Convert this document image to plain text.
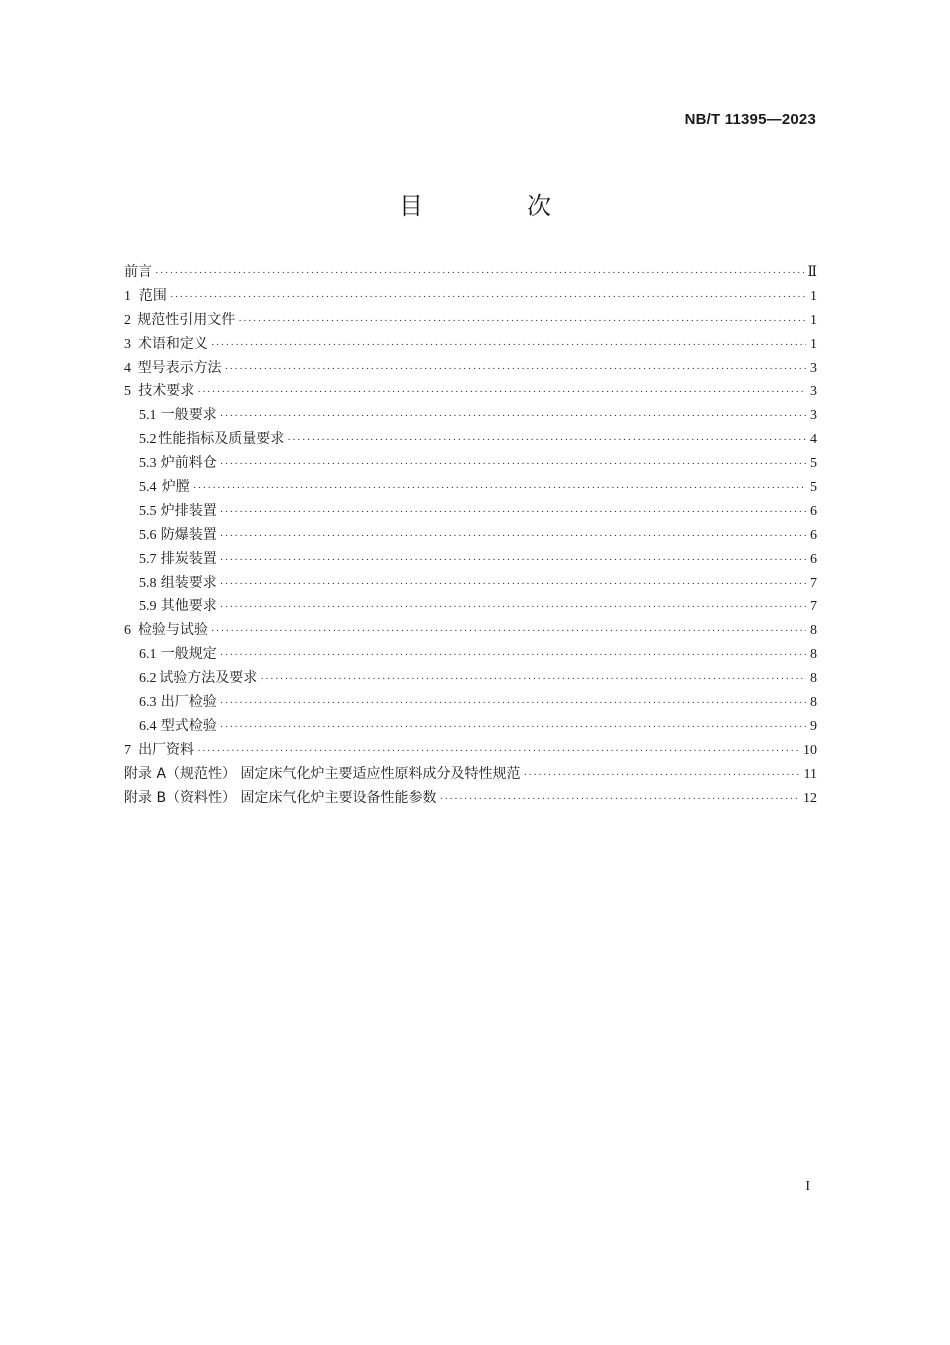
NB/T 11395—2023
目　次
前言 ·····	Ⅱ
1 范围 ·····	1
2 规范性引用文件 ·····	1
3 术语和定义 ·····	1
4 型号表示方法 ·····	3
5 技术要求 ·····	3
5.1 一般要求 ·····	3
5.2 性能指标及质量要求 ·····	4
5.3 炉前料仓 ·····	5
5.4 炉膛 ·····	5
5.5 炉排装置 ·····	6
5.6 防爆装置 ·····	6
5.7 排炭装置 ·····	6
5.8 组装要求 ·····	7
5.9 其他要求 ·····	7
6 检验与试验 ·····	8
6.1 一般规定 ·····	8
6.2 试验方法及要求 ·····	8
6.3 出厂检验 ·····	8
6.4 型式检验 ·····	9
7 出厂资料 ·····	10
附录 A（规范性） 固定床气化炉主要适应性原料成分及特性规范 ·····	11
附录 B（资料性） 固定床气化炉主要设备性能参数 ·····	12
I
